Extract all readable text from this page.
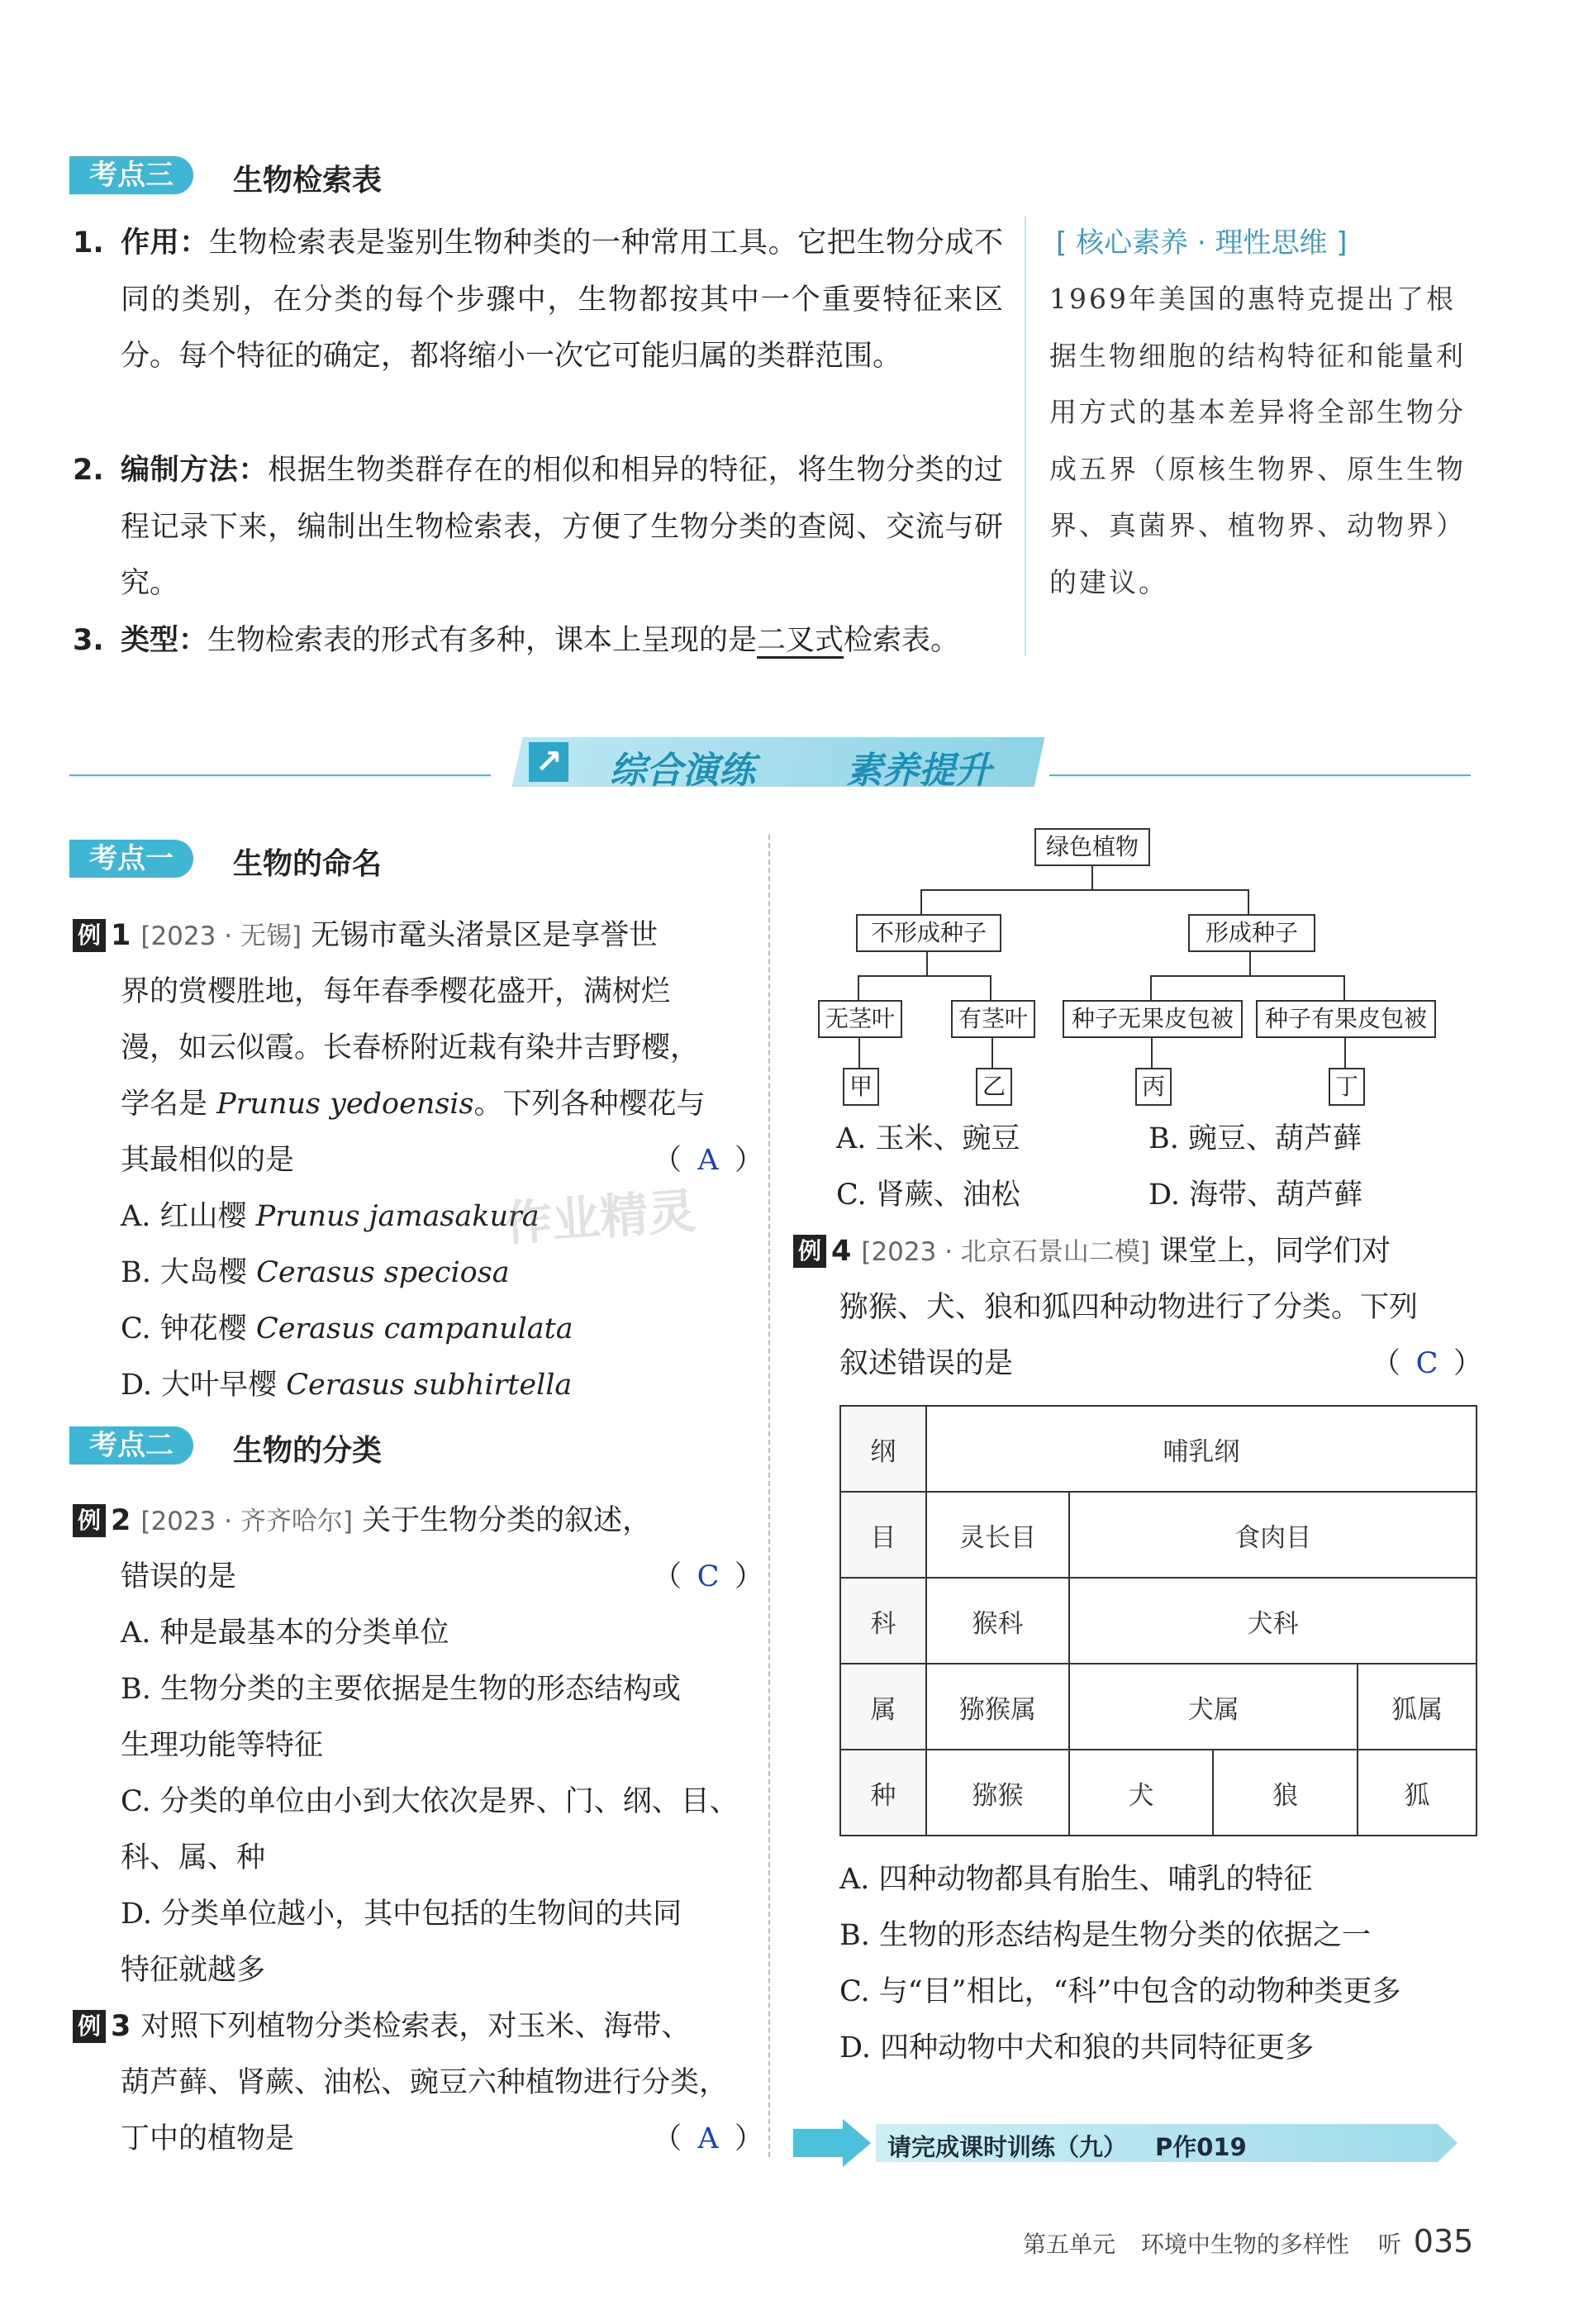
考点三	生物检索表
1. 作用：生物检索表是鉴别生物种类的一种常用工具。它把生物分成不同的类别，在分类的每个步骤中，生物都按其中一个重要特征来区分。每个特征的确定，都将缩小一次它可能归属的类群范围。
2. 编制方法：根据生物类群存在的相似和相异的特征，将生物分类的过程记录下来，编制出生物检索表，方便了生物分类的查阅、交流与研究。
3. 类型：生物检索表的形式有多种，课本上呈现的是二叉式检索表。
[ 核心素养 · 理性思维 ]
1969年美国的惠特克提出了根据生物细胞的结构特征和能量利用方式的基本差异将全部生物分成五界（原核生物界、原生生物界、真菌界、植物界、动物界）的建议。
↗ 综合演练	素养提升
考点一	生物的命名
例 1 [2023 · 无锡] 无锡市鼋头渚景区是享誉世
界的赏樱胜地，每年春季樱花盛开，满树烂
漫，如云似霞。长春桥附近栽有染井吉野樱，
学名是 Prunus yedoensis。下列各种樱花与
其最相似的是	（ A ）
A. 红山樱 Prunus jamasakura
B. 大岛樱 Cerasus speciosa
C. 钟花樱 Cerasus campanulata
D. 大叶早樱 Cerasus subhirtella
考点二	生物的分类
例 2 [2023 · 齐齐哈尔] 关于生物分类的叙述，
错误的是	（ C ）
A. 种是最基本的分类单位
B. 生物分类的主要依据是生物的形态结构或
生理功能等特征
C. 分类的单位由小到大依次是界、门、纲、目、
科、属、种
D. 分类单位越小，其中包括的生物间的共同
特征就越多
例 3 对照下列植物分类检索表，对玉米、海带、
葫芦藓、肾蕨、油松、豌豆六种植物进行分类，
丁中的植物是	（ A ）
绿色植物
不形成种子	形成种子
无茎叶	有茎叶	种子无果皮包被	种子有果皮包被
甲	乙	丙	丁
A. 玉米、豌豆	B. 豌豆、葫芦藓
C. 肾蕨、油松	D. 海带、葫芦藓
例 4 [2023 · 北京石景山二模] 课堂上，同学们对
猕猴、犬、狼和狐四种动物进行了分类。下列
叙述错误的是	（ C ）
纲	哺乳纲			
目	灵长目	食肉目		
科	猴科	犬科		
属	猕猴属	犬属		狐属
种	猕猴	犬	狼	狐
A. 四种动物都具有胎生、哺乳的特征
B. 生物的形态结构是生物分类的依据之一
C. 与“目”相比，“科”中包含的动物种类更多
D. 四种动物中犬和狼的共同特征更多
请完成课时训练（九） P作019
第五单元 环境中生物的多样性 听 035
作业精灵
